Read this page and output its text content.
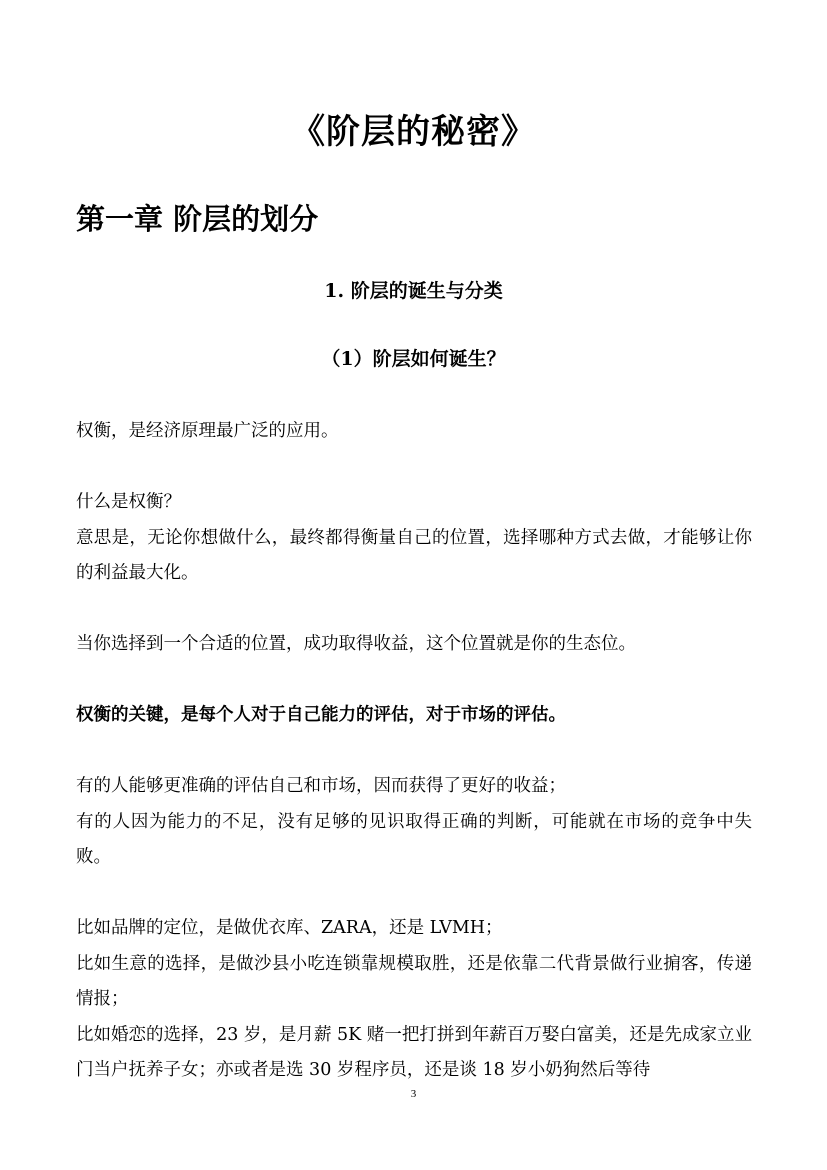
《阶层的秘密》
第一章 阶层的划分
1. 阶层的诞生与分类
（1）阶层如何诞生？

权衡，是经济原理最广泛的应用。

什么是权衡？

意思是，无论你想做什么，最终都得衡量自己的位置，选择哪种方式去做，才能够让你的利益最大化。

当你选择到一个合适的位置，成功取得收益，这个位置就是你的生态位。

权衡的关键，是每个人对于自己能力的评估，对于市场的评估。

有的人能够更准确的评估自己和市场，因而获得了更好的收益；

有的人因为能力的不足，没有足够的见识取得正确的判断，可能就在市场的竞争中失败。

比如品牌的定位，是做优衣库、ZARA，还是 LVMH；

比如生意的选择，是做沙县小吃连锁靠规模取胜，还是依靠二代背景做行业掮客，传递情报；

比如婚恋的选择，23 岁，是月薪 5K 赌一把打拼到年薪百万娶白富美，还是先成家立业门当户抚养子女；亦或者是选 30 岁程序员，还是谈 18 岁小奶狗然后等待

3
